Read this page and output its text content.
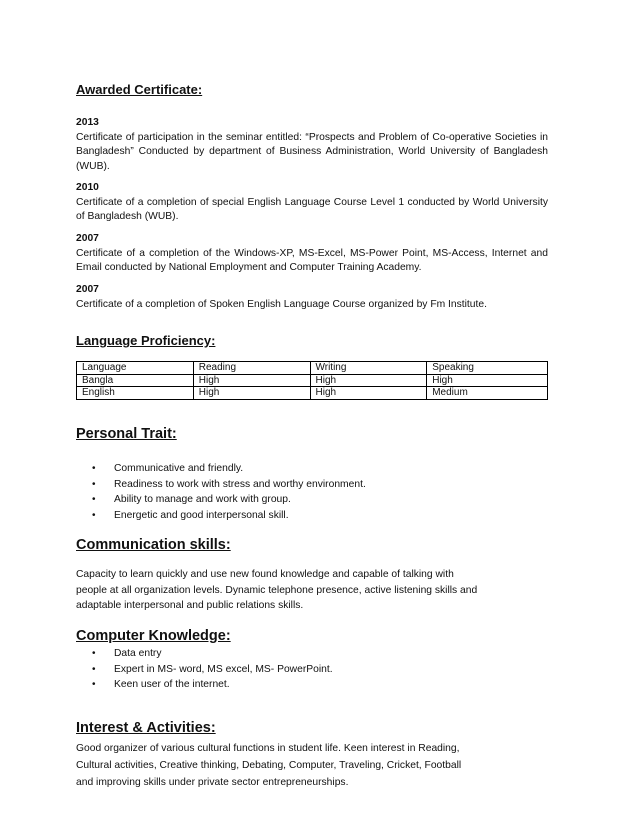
Awarded Certificate:
2013
Certificate of participation in the seminar entitled: “Prospects and Problem of Co-operative Societies in Bangladesh” Conducted by department of Business Administration, World University of Bangladesh (WUB).
2010
Certificate of a completion of special English Language Course Level 1 conducted by World University of Bangladesh (WUB).
2007
Certificate of a completion of the Windows-XP, MS-Excel, MS-Power Point, MS-Access, Internet and Email conducted by National Employment and Computer Training Academy.
2007
Certificate of a completion of Spoken English Language Course organized by Fm Institute.
Language Proficiency:
Language	Reading	Writing	Speaking
Bangla	High	High	High
English	High	High	Medium
Personal Trait:
• Communicative and friendly.
• Readiness to work with stress and worthy environment.
• Ability to manage and work with group.
• Energetic and good interpersonal skill.
Communication skills:
Capacity to learn quickly and use new found knowledge and capable of talking with
people at all organization levels. Dynamic telephone presence, active listening skills and
adaptable interpersonal and public relations skills.
Computer Knowledge:
• Data entry
• Expert in MS- word, MS excel, MS- PowerPoint.
• Keen user of the internet.
Interest & Activities:
Good organizer of various cultural functions in student life. Keen interest in Reading,
Cultural activities, Creative thinking, Debating, Computer, Traveling, Cricket, Football
and improving skills under private sector entrepreneurships.
